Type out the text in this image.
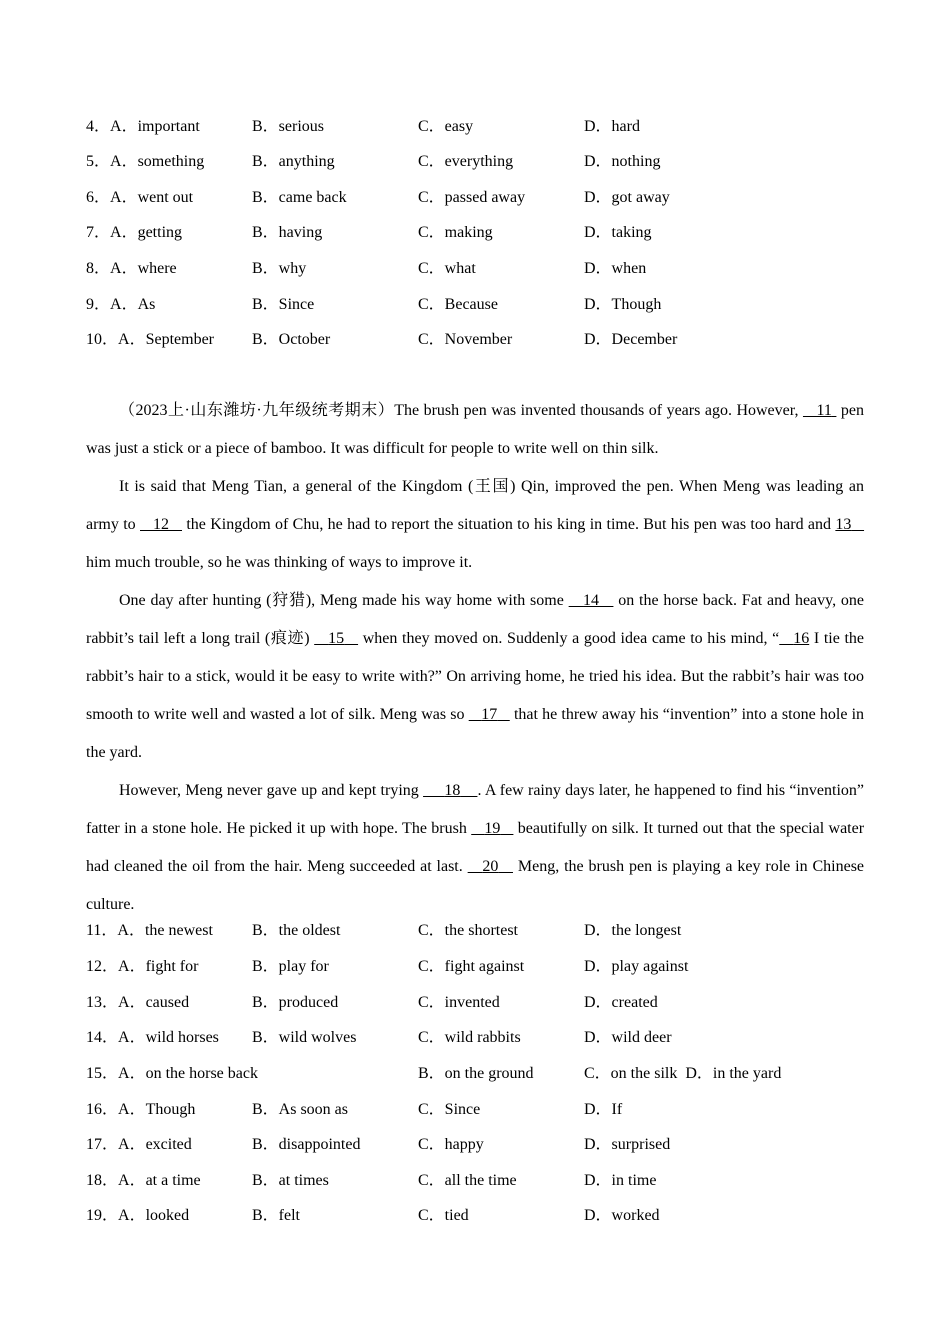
4．A．important	B．serious	C．easy	D．hard
5．A．something	B．anything	C．everything	D．nothing
6．A．went out	B．came back	C．passed away	D．got away
7．A．getting	B．having	C．making	D．taking
8．A．where	B．why	C．what	D．when
9．A．As	B．Since	C．Because	D．Though
10．A．September B．October	C．November	D．December

（2023上·山东潍坊·九年级统考期末）The brush pen was invented thousands of years ago. However, 11 pen was just a stick or a piece of bamboo. It was difficult for people to write well on thin silk.

It is said that Meng Tian, a general of the Kingdom (王国) Qin, improved the pen. When Meng was leading an army to 12 the Kingdom of Chu, he had to report the situation to his king in time. But his pen was too hard and 13    him much trouble, so he was thinking of ways to improve it.

One day after hunting (狩猎), Meng made his way home with some 14 on the horse back. Fat and heavy, one rabbit’s tail left a long trail (痕迹) 15 when they moved on. Suddenly a good idea came to his mind, “ 16 I tie the rabbit’s hair to a stick, would it be easy to write with?” On arriving home, he tried his idea. But the rabbit’s hair was too smooth to write well and wasted a lot of silk. Meng was so 17 that he threw away his “invention” into a stone hole in the yard.

However, Meng never gave up and kept trying 18 . A few rainy days later, he happened to find his “invention” fatter in a stone hole. He picked it up with hope. The brush 19 beautifully on silk. It turned out that the special water had cleaned the oil from the hair. Meng succeeded at last. 20 Meng, the brush pen is playing a key role in Chinese culture.

11．A．the newest B．the oldest	C．the shortest	D．the longest
12．A．fight for	B．play for	C．fight against	D．play against
13．A．caused	B．produced	C．invented	D．created
14．A．wild horses B．wild wolves	C．wild rabbits	D．wild deer
15．A．on the horse back	B．on the ground	C．on the silk  D．in the yard
16．A．Though	B．As soon as	C．Since	D．If
17．A．excited	B．disappointed	C．happy	D．surprised
18．A．at a time	B．at times	C．all the time	D．in time
19．A．looked	B．felt	C．tied	D．worked
